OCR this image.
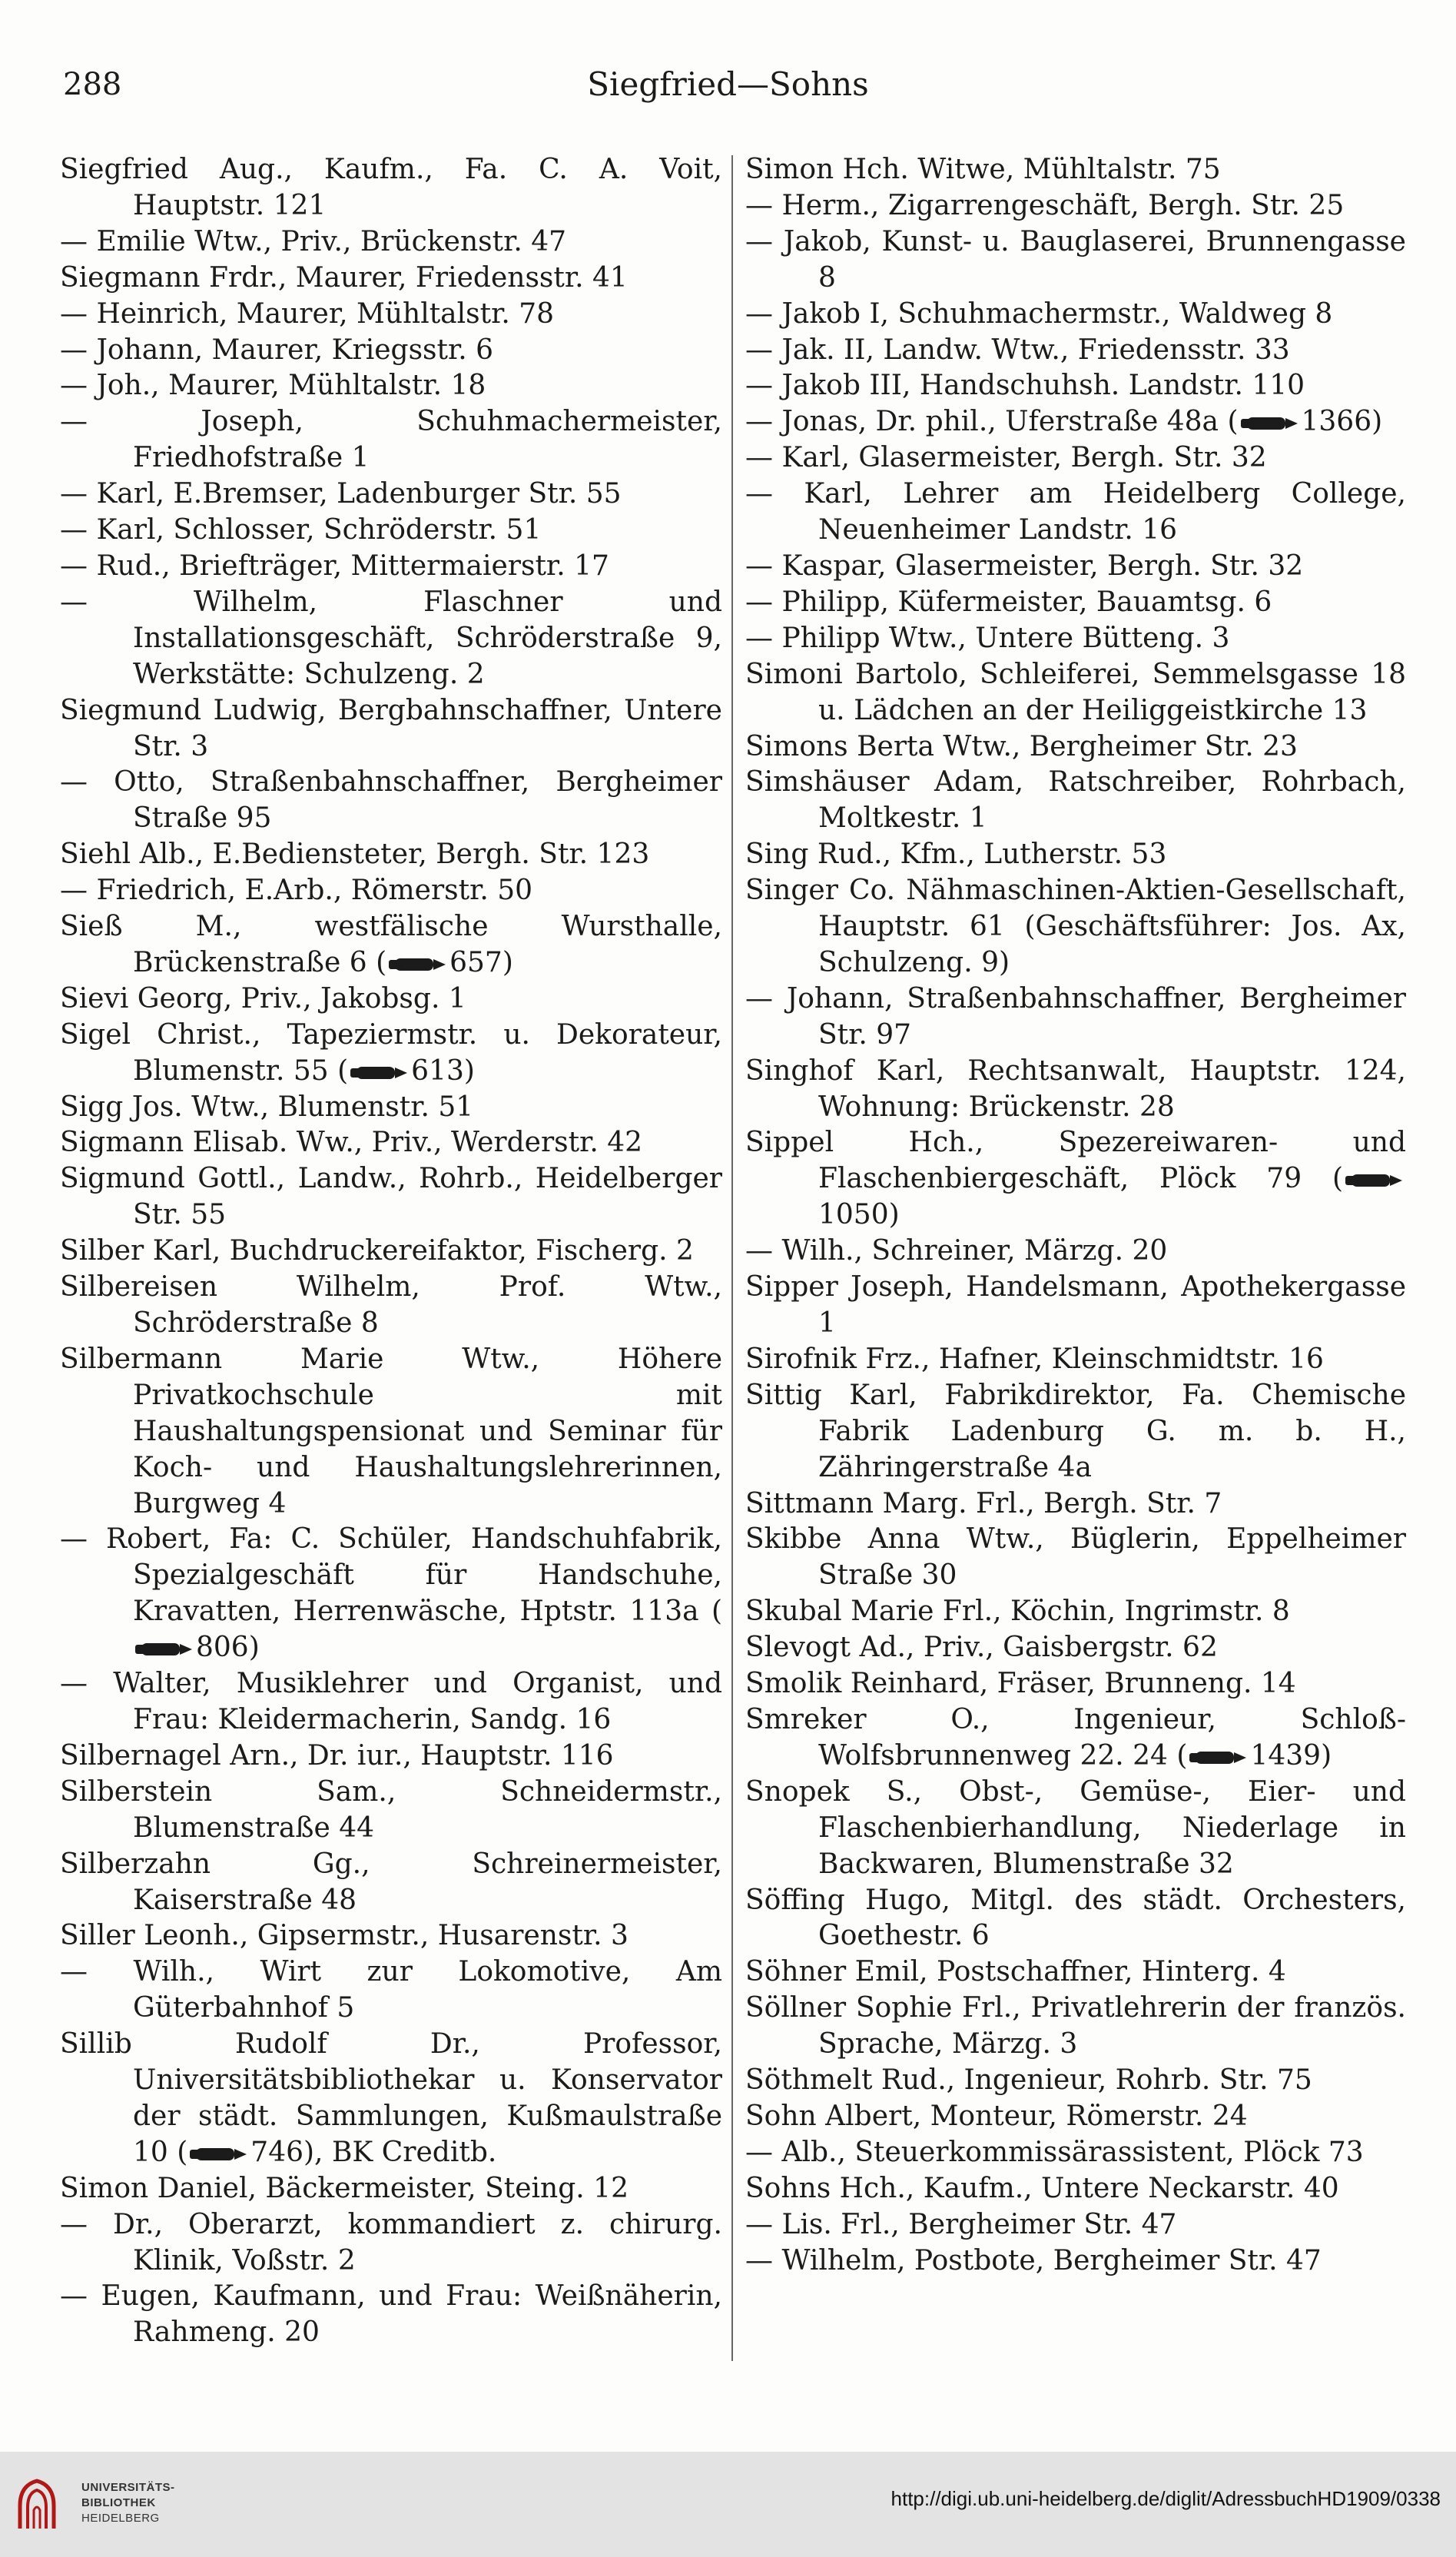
Siegfried—Sohns
288
Siegfried Aug., Kaufm., Fa. C. A. Voit, Hauptstr. 121
— Emilie Wtw., Priv., Brückenstr. 47
Siegmann Frdr., Maurer, Friedensstr. 41
— Heinrich, Maurer, Mühltalstr. 78
— Johann, Maurer, Kriegsstr. 6
— Joh., Maurer, Mühltalstr. 18
— Joseph, Schuhmachermeister, Friedhofstraße 1
— Karl, E.Bremser, Ladenburger Str. 55
— Karl, Schlosser, Schröderstr. 51
— Rud., Briefträger, Mittermaierstr. 17
— Wilhelm, Flaschner und Installationsgeschäft, Schröderstraße 9, Werkstätte: Schulzeng. 2
Siegmund Ludwig, Bergbahnschaffner, Untere Str. 3
— Otto, Straßenbahnschaffner, Bergheimer Straße 95
Siehl Alb., E.Bediensteter, Bergh. Str. 123
— Friedrich, E.Arb., Römerstr. 50
Sieß M., westfälische Wursthalle, Brückenstraße 6 ( 657)
Sievi Georg, Priv., Jakobsg. 1
Sigel Christ., Tapeziermstr. u. Dekorateur, Blumenstr. 55 ( 613)
Sigg Jos. Wtw., Blumenstr. 51
Sigmann Elisab. Ww., Priv., Werderstr. 42
Sigmund Gottl., Landw., Rohrb., Heidelberger Str. 55
Silber Karl, Buchdruckereifaktor, Fischerg. 2
Silbereisen Wilhelm, Prof. Wtw., Schröderstraße 8
Silbermann Marie Wtw., Höhere Privatkochschule mit Haushaltungspensionat und Seminar für Koch- und Haushaltungslehrerinnen, Burgweg 4
— Robert, Fa: C. Schüler, Handschuhfabrik, Spezialgeschäft für Handschuhe, Kravatten, Herrenwäsche, Hptstr. 113a (806)
— Walter, Musiklehrer und Organist, und Frau: Kleidermacherin, Sandg. 16
Silbernagel Arn., Dr. iur., Hauptstr. 116
Silberstein Sam., Schneidermstr., Blumenstraße 44
Silberzahn Gg., Schreinermeister, Kaiserstraße 48
Siller Leonh., Gipsermstr., Husarenstr. 3
— Wilh., Wirt zur Lokomotive, Am Güterbahnhof 5
Sillib Rudolf Dr., Professor, Universitätsbibliothekar u. Konservator der städt. Sammlungen, Kußmaulstraße 10 ( 746), BK Creditb.
Simon Daniel, Bäckermeister, Steing. 12
— Dr., Oberarzt, kommandiert z. chirurg. Klinik, Voßstr. 2
— Eugen, Kaufmann, und Frau: Weißnäherin, Rahmeng. 20
Simon Hch. Witwe, Mühltalstr. 75
— Herm., Zigarrengeschäft, Bergh. Str. 25
— Jakob, Kunst- u. Bauglaserei, Brunnengasse 8
— Jakob I, Schuhmachermstr., Waldweg 8
— Jak. II, Landw. Wtw., Friedensstr. 33
— Jakob III, Handschuhsh. Landstr. 110
— Jonas, Dr. phil., Uferstraße 48a ( 1366)
— Karl, Glasermeister, Bergh. Str. 32
— Karl, Lehrer am Heidelberg College, Neuenheimer Landstr. 16
— Kaspar, Glasermeister, Bergh. Str. 32
— Philipp, Küfermeister, Bauamtsg. 6
— Philipp Wtw., Untere Bütteng. 3
Simoni Bartolo, Schleiferei, Semmelsgasse 18 u. Lädchen an der Heiliggeistkirche 13
Simons Berta Wtw., Bergheimer Str. 23
Simshäuser Adam, Ratschreiber, Rohrbach, Moltkestr. 1
Sing Rud., Kfm., Lutherstr. 53
Singer Co. Nähmaschinen-Aktien-Gesellschaft, Hauptstr. 61 (Geschäftsführer: Jos. Ax, Schulzeng. 9)
— Johann, Straßenbahnschaffner, Bergheimer Str. 97
Singhof Karl, Rechtsanwalt, Hauptstr. 124, Wohnung: Brückenstr. 28
Sippel Hch., Spezereiwaren- und Flaschenbiergeschäft, Plöck 79 (1050)
— Wilh., Schreiner, Märzg. 20
Sipper Joseph, Handelsmann, Apothekergasse 1
Sirofnik Frz., Hafner, Kleinschmidtstr. 16
Sittig Karl, Fabrikdirektor, Fa. Chemische Fabrik Ladenburg G. m. b. H., Zähringerstraße 4a
Sittmann Marg. Frl., Bergh. Str. 7
Skibbe Anna Wtw., Büglerin, Eppelheimer Straße 30
Skubal Marie Frl., Köchin, Ingrimstr. 8
Slevogt Ad., Priv., Gaisbergstr. 62
Smolik Reinhard, Fräser, Brunneng. 14
Smreker O., Ingenieur, Schloß-Wolfsbrunnenweg 22. 24 ( 1439)
Snopek S., Obst-, Gemüse-, Eier- und Flaschenbierhandlung, Niederlage in Backwaren, Blumenstraße 32
Söffing Hugo, Mitgl. des städt. Orchesters, Goethestr. 6
Söhner Emil, Postschaffner, Hinterg. 4
Söllner Sophie Frl., Privatlehrerin der französ. Sprache, Märzg. 3
Söthmelt Rud., Ingenieur, Rohrb. Str. 75
Sohn Albert, Monteur, Römerstr. 24
— Alb., Steuerkommissärassistent, Plöck 73
Sohns Hch., Kaufm., Untere Neckarstr. 40
— Lis. Frl., Bergheimer Str. 47
— Wilhelm, Postbote, Bergheimer Str. 47
UNIVERSITÄTS-
BIBLIOTHEK
HEIDELBERG
http://digi.ub.uni-heidelberg.de/diglit/AdressbuchHD1909/0338
